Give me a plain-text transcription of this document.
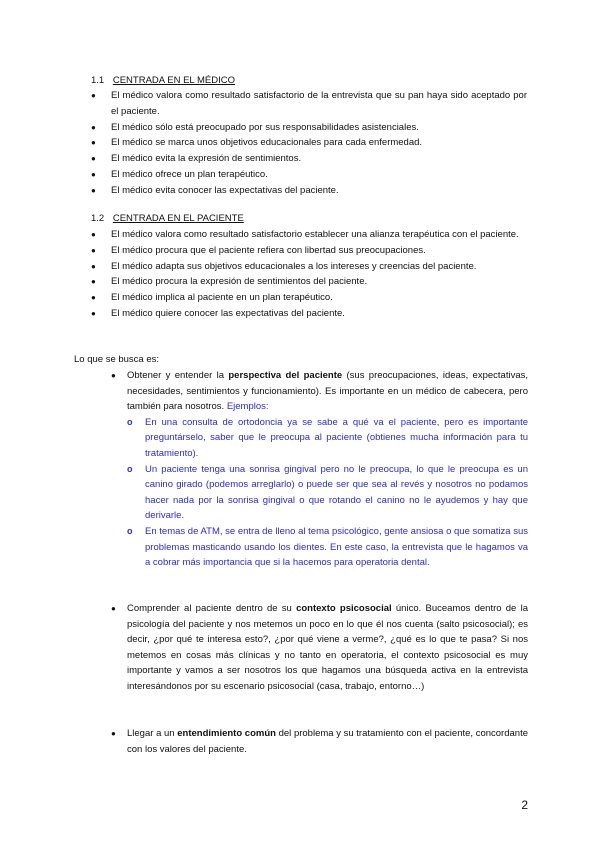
1.1 CENTRADA EN EL MÉDICO
● El médico valora como resultado satisfactorio de la entrevista que su pan haya sido aceptado por el paciente.
● El médico sólo está preocupado por sus responsabilidades asistenciales.
● El médico se marca unos objetivos educacionales para cada enfermedad.
● El médico evita la expresión de sentimientos.
● El médico ofrece un plan terapéutico.
● El médico evita conocer las expectativas del paciente.
1.2 CENTRADA EN EL PACIENTE
● El médico valora como resultado satisfactorio establecer una alianza terapéutica con el paciente.
● El médico procura que el paciente refiera con libertad sus preocupaciones.
● El médico adapta sus objetivos educacionales a los intereses y creencias del paciente.
● El médico procura la expresión de sentimientos del paciente.
● El médico implica al paciente en un plan terapéutico.
● El médico quiere conocer las expectativas del paciente.
Lo que se busca es:
● Obtener y entender la perspectiva del paciente (sus preocupaciones, ideas, expectativas, necesidades, sentimientos y funcionamiento). Es importante en un médico de cabecera, pero también para nosotros. Ejemplos:
o En una consulta de ortodoncia ya se sabe a qué va el paciente, pero es importante preguntárselo, saber que le preocupa al paciente (obtienes mucha información para tu tratamiento).
o Un paciente tenga una sonrisa gingival pero no le preocupa, lo que le preocupa es un canino girado (podemos arreglarlo) o puede ser que sea al revés y nosotros no podamos hacer nada por la sonrisa gingival o que rotando el canino no le ayudemos y hay que derivarle.
o En temas de ATM, se entra de lleno al tema psicológico, gente ansiosa o que somatiza sus problemas masticando usando los dientes. En este caso, la entrevista que le hagamos va a cobrar más importancia que si la hacemos para operatoria dental.
● Comprender al paciente dentro de su contexto psicosocial único. Buceamos dentro de la psicología del paciente y nos metemos un poco en lo que él nos cuenta (salto psicosocial); es decir, ¿por qué te interesa esto?, ¿por qué viene a verme?, ¿qué es lo que te pasa? Si nos metemos en cosas más clínicas y no tanto en operatoria, el contexto psicosocial es muy importante y vamos a ser nosotros los que hagamos una búsqueda activa en la entrevista interesándonos por su escenario psicosocial (casa, trabajo, entorno…)
● Llegar a un entendimiento común del problema y su tratamiento con el paciente, concordante con los valores del paciente.
2
